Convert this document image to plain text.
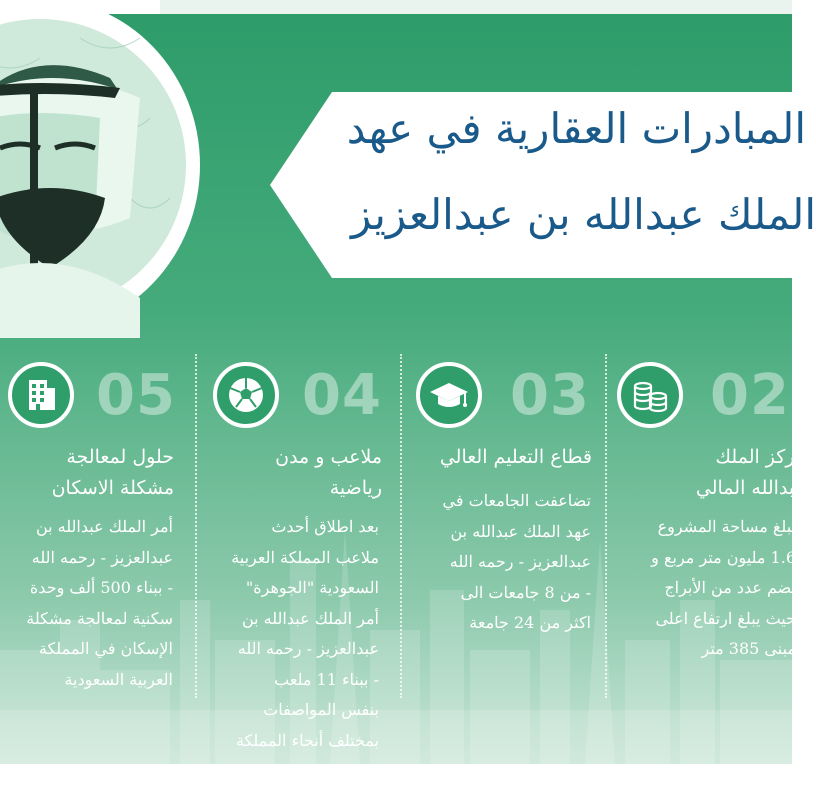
المبادرات العقارية في عهد
الملك عبدالله بن عبدالعزيز
02
مركز الملك
عبدالله المالي
تبلغ مساحة المشروع
1.6 مليون متر مربع و
يضم عدد من الأبراج
حيث يبلغ ارتفاع اعلى
مبنى 385 متر
03
قطاع التعليم العالي
تضاعفت الجامعات في
عهد الملك عبدالله بن
عبدالعزيز - رحمه الله
- من 8 جامعات الى
اكثر من 24 جامعة
04
ملاعب و مدن
رياضية
بعد اطلاق أحدث
ملاعب المملكة العربية
السعودية "الجوهرة"
أمر الملك عبدالله بن
عبدالعزيز - رحمه الله
- ببناء 11 ملعب
بنفس المواصفات
بمختلف أنحاء المملكة
05
حلول لمعالجة
مشكلة الاسكان
أمر الملك عبدالله بن
عبدالعزيز - رحمه الله
- ببناء 500 ألف وحدة
سكنية لمعالجة مشكلة
الإسكان في المملكة
العربية السعودية
